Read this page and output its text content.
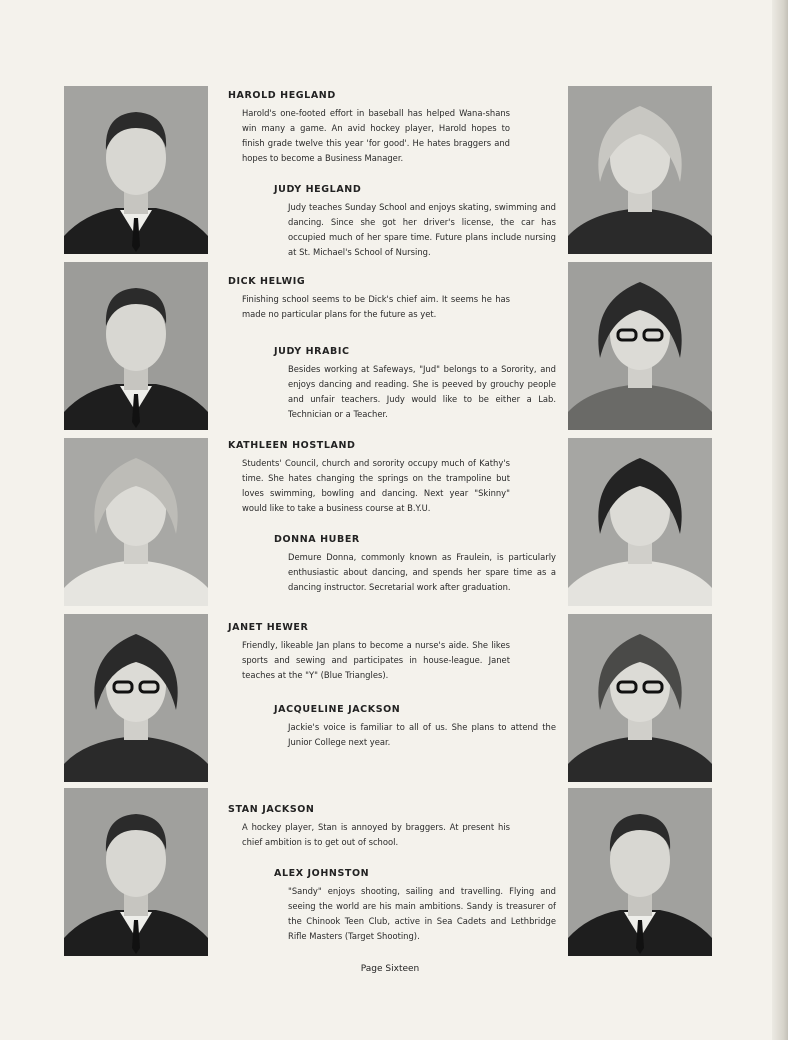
HAROLD HEGLAND
Harold's one-footed effort in baseball has helped Wana-shans win many a game. An avid hockey player, Harold hopes to finish grade twelve this year 'for good'. He hates braggers and hopes to become a Business Manager.
JUDY HEGLAND
Judy teaches Sunday School and enjoys skating, swimming and dancing. Since she got her driver's license, the car has occupied much of her spare time. Future plans include nursing at St. Michael's School of Nursing.
DICK HELWIG
Finishing school seems to be Dick's chief aim. It seems he has made no particular plans for the future as yet.
JUDY HRABIC
Besides working at Safeways, "Jud" belongs to a Sorority, and enjoys dancing and reading. She is peeved by grouchy people and unfair teachers. Judy would like to be either a Lab. Technician or a Teacher.
KATHLEEN HOSTLAND
Students' Council, church and sorority occupy much of Kathy's time. She hates changing the springs on the trampoline but loves swimming, bowling and dancing. Next year "Skinny" would like to take a business course at B.Y.U.
DONNA HUBER
Demure Donna, commonly known as Fraulein, is particularly enthusiastic about dancing, and spends her spare time as a dancing instructor. Secretarial work after graduation.
JANET HEWER
Friendly, likeable Jan plans to become a nurse's aide. She likes sports and sewing and participates in house-league. Janet teaches at the "Y" (Blue Triangles).
JACQUELINE JACKSON
Jackie's voice is familiar to all of us. She plans to attend the Junior College next year.
STAN JACKSON
A hockey player, Stan is annoyed by braggers. At present his chief ambition is to get out of school.
ALEX JOHNSTON
"Sandy" enjoys shooting, sailing and travelling. Flying and seeing the world are his main ambitions. Sandy is treasurer of the Chinook Teen Club, active in Sea Cadets and Lethbridge Rifle Masters (Target Shooting).
Page Sixteen
